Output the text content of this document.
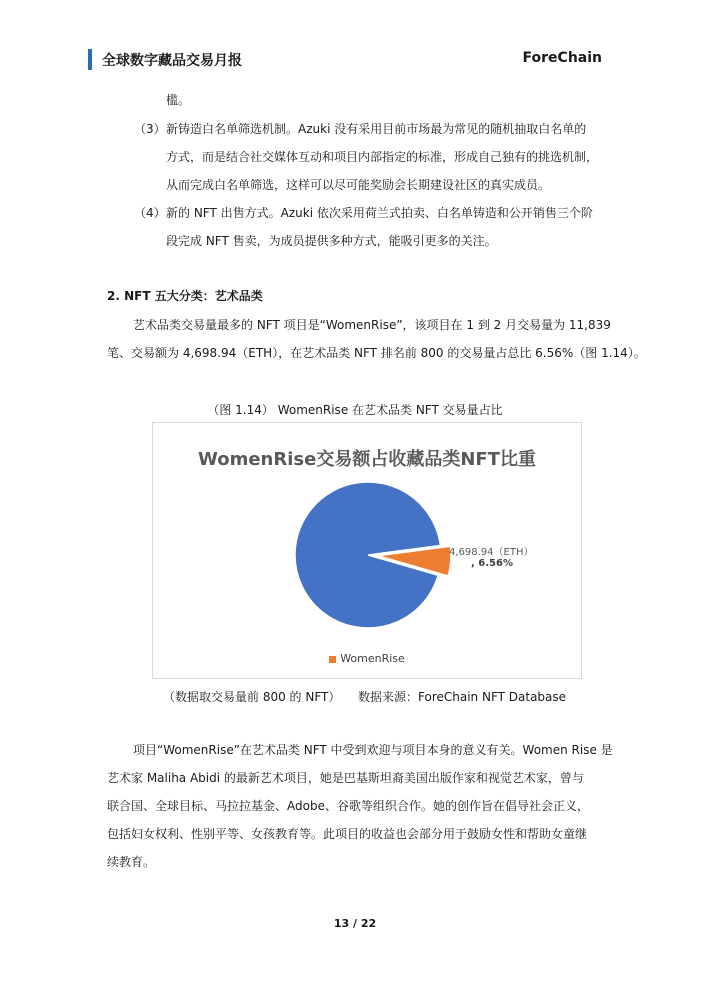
全球数字藏品交易月报	ForeChain
槛。
（3） 新铸造白名单筛选机制。Azuki 没有采用目前市场最为常见的随机抽取白名单的
方式，而是结合社交媒体互动和项目内部指定的标准，形成自己独有的挑选机制，
从而完成白名单筛选，这样可以尽可能奖励会长期建设社区的真实成员。
（4） 新的 NFT 出售方式。Azuki 依次采用荷兰式拍卖、白名单铸造和公开销售三个阶
段完成 NFT 售卖，为成员提供多种方式，能吸引更多的关注。
2. NFT 五大分类：艺术品类
艺术品类交易量最多的 NFT 项目是“WomenRise”，该项目在 1 到 2 月交易量为 11,839
笔、交易额为 4,698.94（ETH），在艺术品类 NFT 排名前 800 的交易量占总比 6.56%（图 1.14）。
（图 1.14） WomenRise 在艺术品类 NFT 交易量占比
WomenRise交易额占收藏品类NFT比重
4,698.94（ETH）
, 6.56%
WomenRise
（数据取交易量前 800 的 NFT） 数据来源：ForeChain NFT Database
项目“WomenRise”在艺术品类 NFT 中受到欢迎与项目本身的意义有关。Women Rise 是
艺术家 Maliha Abidi 的最新艺术项目，她是巴基斯坦裔美国出版作家和视觉艺术家，曾与
联合国、全球目标、马拉拉基金、Adobe、谷歌等组织合作。她的创作旨在倡导社会正义，
包括妇女权利、性别平等、女孩教育等。此项目的收益也会部分用于鼓励女性和帮助女童继
续教育。
13 / 22
